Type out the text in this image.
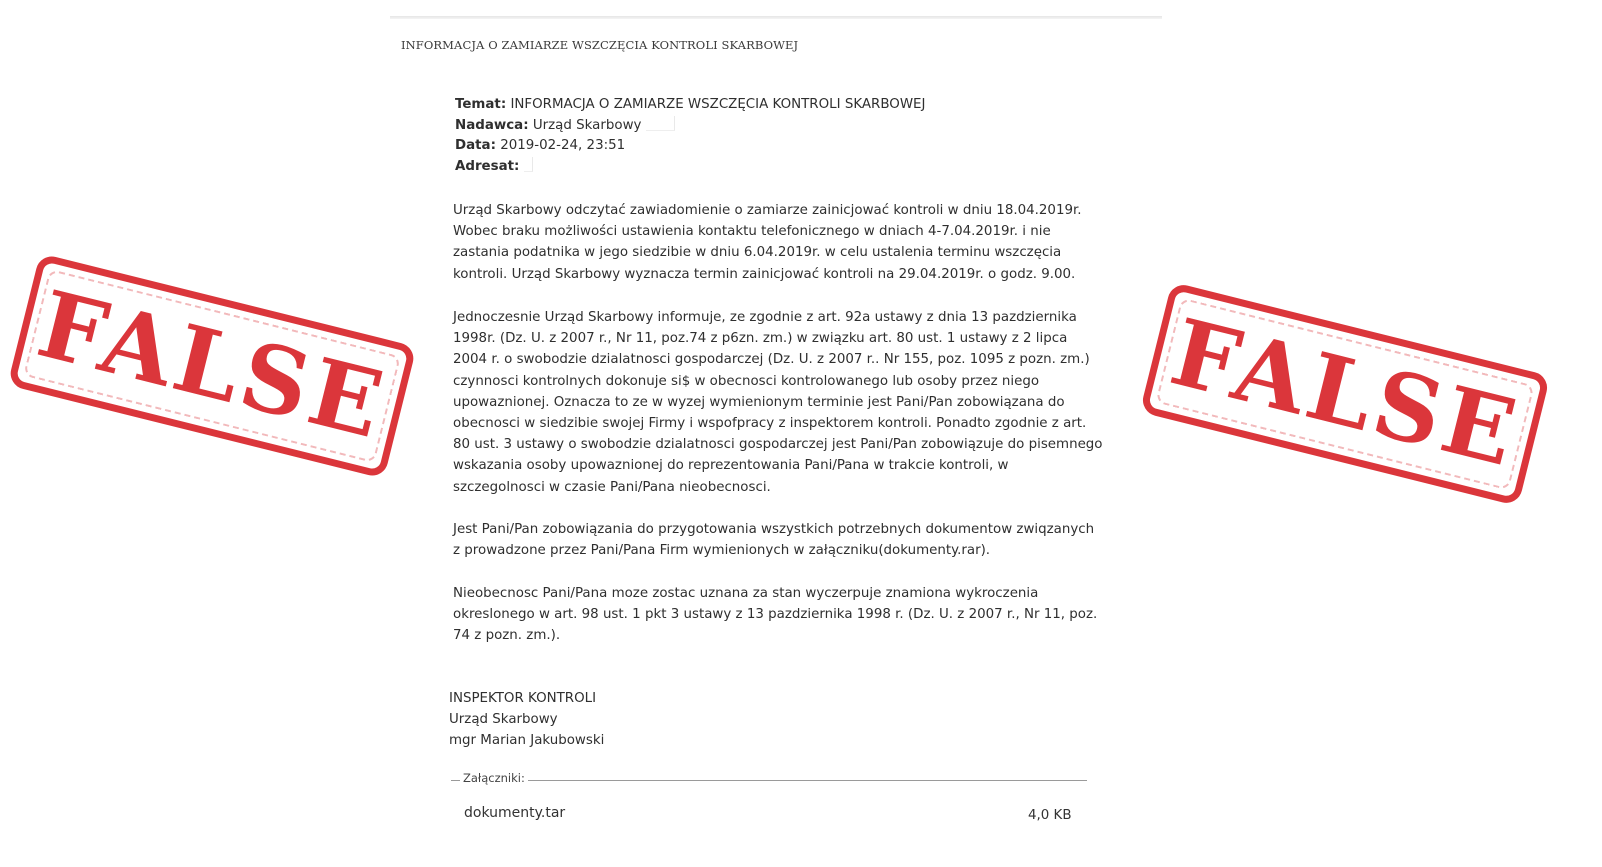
INFORMACJA O ZAMIARZE WSZCZĘCIA KONTROLI SKARBOWEJ
Temat: INFORMACJA O ZAMIARZE WSZCZĘCIA KONTROLI SKARBOWEJ
Nadawca: Urząd Skarbowy
Data: 2019-02-24, 23:51
Adresat:

Urząd Skarbowy odczytać zawiadomienie o zamiarze zainicjować kontroli w dniu 18.04.2019r. Wobec braku możliwości ustawienia kontaktu telefonicznego w dniach 4-7.04.2019r. i nie zastania podatnika w jego siedzibie w dniu 6.04.2019r. w celu ustalenia terminu wszczęcia kontroli. Urząd Skarbowy wyznacza termin zainicjować kontroli na 29.04.2019r. o godz. 9.00.

Jednoczesnie Urząd Skarbowy informuje, ze zgodnie z art. 92a ustawy z dnia 13 pazdziernika 1998r. (Dz. U. z 2007 r., Nr 11, poz.74 z p6zn. zm.) w związku art. 80 ust. 1 ustawy z 2 lipca 2004 r. o swobodzie dzialatnosci gospodarczej (Dz. U. z 2007 r.. Nr 155, poz. 1095 z pozn. zm.) czynnosci kontrolnych dokonuje si$ w obecnosci kontrolowanego lub osoby przez niego upowaznionej. Oznacza to ze w wyzej wymienionym terminie jest Pani/Pan zobowiązana do obecnosci w siedzibie swojej Firmy i wspofpracy z inspektorem kontroli. Ponadto zgodnie z art. 80 ust. 3 ustawy o swobodzie dzialatnosci gospodarczej jest Pani/Pan zobowiązuje do pisemnego wskazania osoby upowaznionej do reprezentowania Pani/Pana w trakcie kontroli, w szczegolnosci w czasie Pani/Pana nieobecnosci.

Jest Pani/Pan zobowiązania do przygotowania wszystkich potrzebnych dokumentow zwiqzanych z prowadzone przez Pani/Pana Firm wymienionych w załączniku(dokumenty.rar).

Nieobecnosc Pani/Pana moze zostac uznana za stan wyczerpuje znamiona wykroczenia okreslonego w art. 98 ust. 1 pkt 3 ustawy z 13 pazdziernika 1998 r. (Dz. U. z 2007 r., Nr 11, poz. 74 z pozn. zm.).

INSPEKTOR KONTROLI
Urząd Skarbowy
mgr Marian Jakubowski
Załączniki:
dokumenty.tar	4,0 KB
FALSE	FALSE
